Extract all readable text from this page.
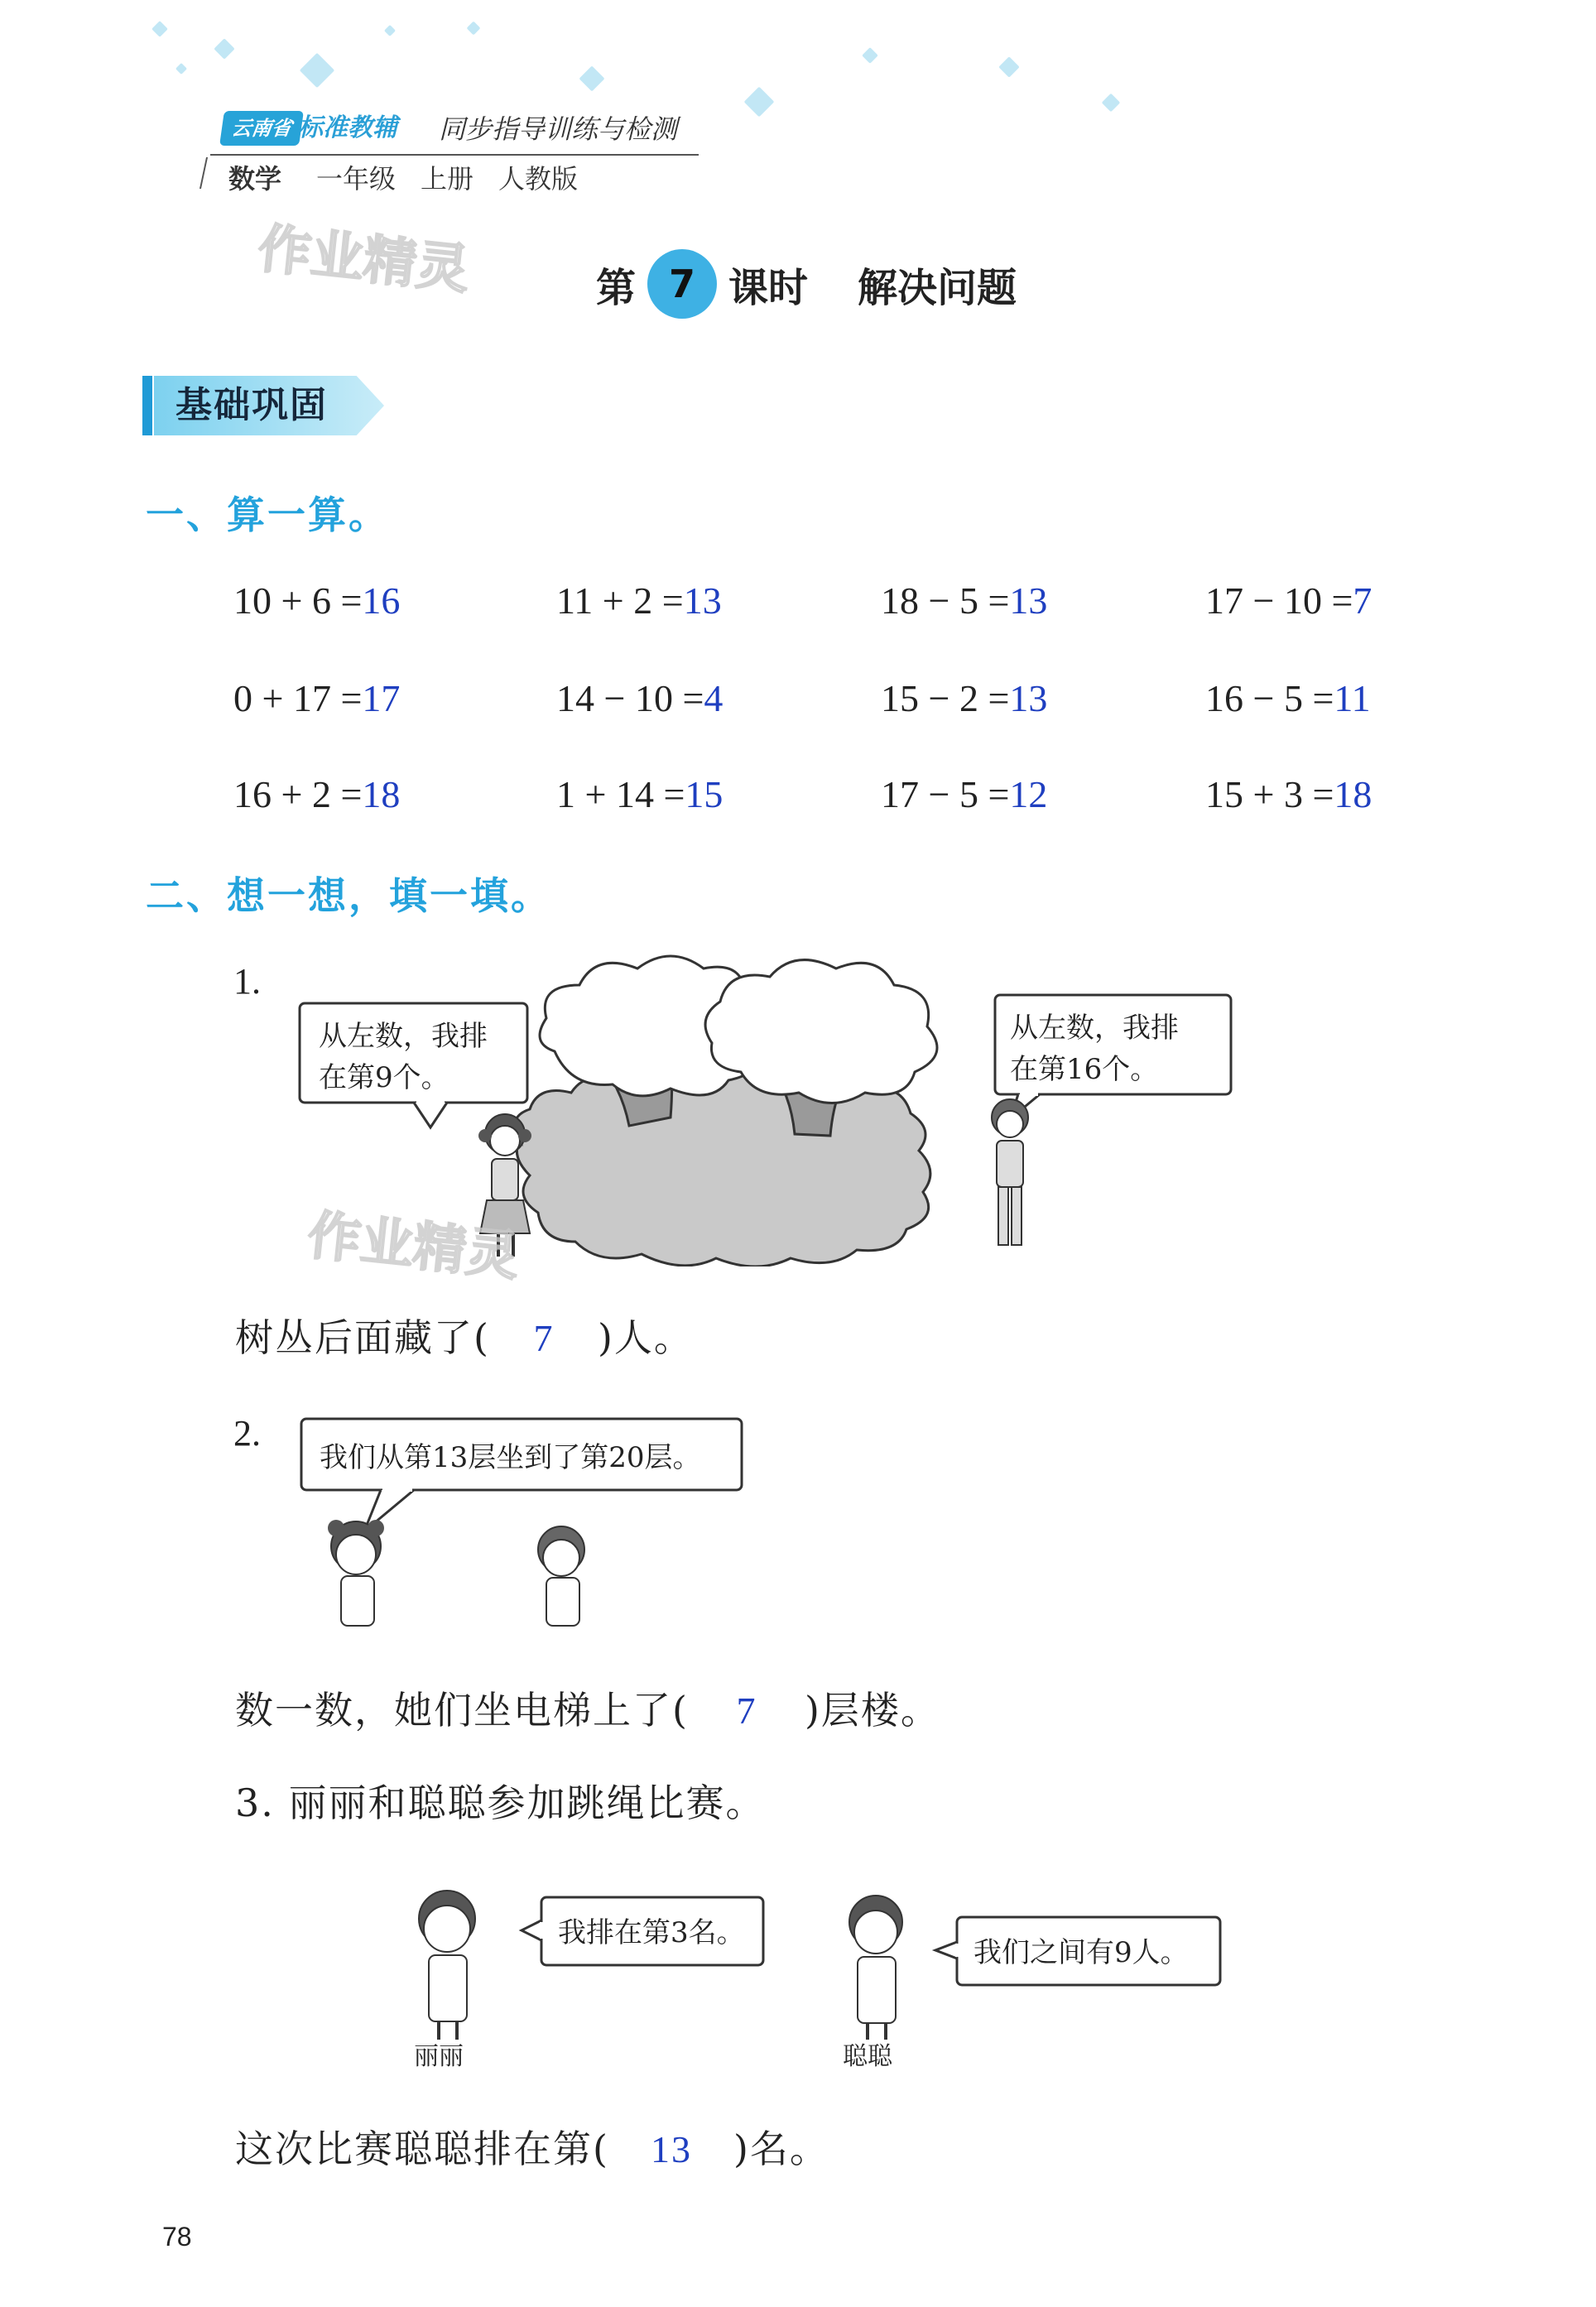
云南省 标准教辅 同步指导训练与检测
数学 一年级 上册 人教版
作业精灵	第 7 课时 解决问题
基础巩固
一、算一算。
10 + 6 =16	11 + 2 =13	18 − 5 =13	17 − 10 =7
0 + 17 =17	14 − 10 =4	15 − 2 =13	16 − 5 =11
16 + 2 =18	1 + 14 =15	17 − 5 =12	15 + 3 =18
二、想一想，填一填。
1.
从左数，我排
在第9个。
从左数，我排
在第16个。
作业精灵
树丛后面藏了( 7 )人。
2.
我们从第13层坐到了第20层。
数一数，她们坐电梯上了( 7 )层楼。
3. 丽丽和聪聪参加跳绳比赛。
丽丽
我排在第3名。
聪聪
我们之间有9人。
这次比赛聪聪排在第( 13 )名。
78
